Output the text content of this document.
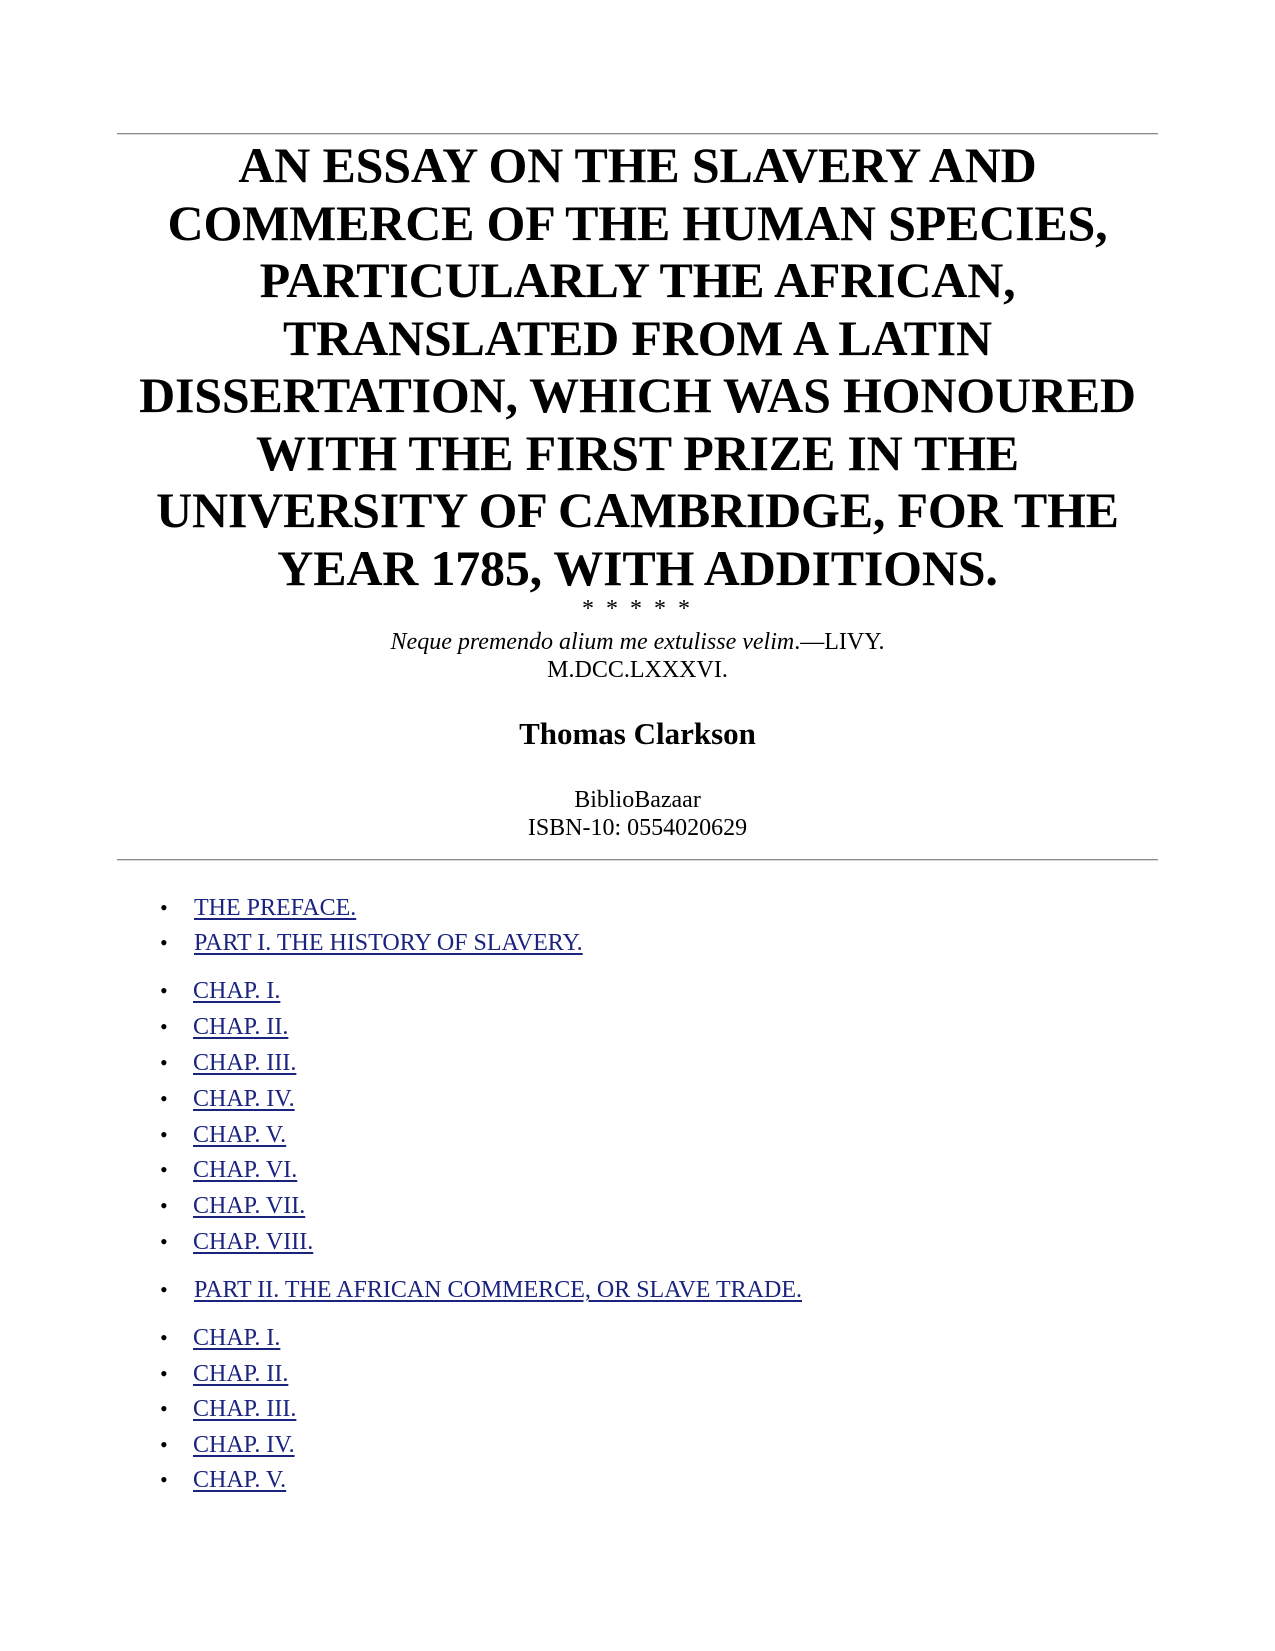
AN ESSAY ON THE SLAVERY AND COMMERCE OF THE HUMAN SPECIES, PARTICULARLY THE AFRICAN, TRANSLATED FROM A LATIN DISSERTATION, WHICH WAS HONOURED WITH THE FIRST PRIZE IN THE UNIVERSITY OF CAMBRIDGE, FOR THE YEAR 1785, WITH ADDITIONS.
* * * * *
Neque premendo alium me extulisse velim.—LIVY.
M.DCC.LXXXVI.
Thomas Clarkson
BiblioBazaar
ISBN-10: 0554020629
• THE PREFACE.
• PART I. THE HISTORY OF SLAVERY.
• CHAP. I.
• CHAP. II.
• CHAP. III.
• CHAP. IV.
• CHAP. V.
• CHAP. VI.
• CHAP. VII.
• CHAP. VIII.
• PART II. THE AFRICAN COMMERCE, OR SLAVE TRADE.
• CHAP. I.
• CHAP. II.
• CHAP. III.
• CHAP. IV.
• CHAP. V.
